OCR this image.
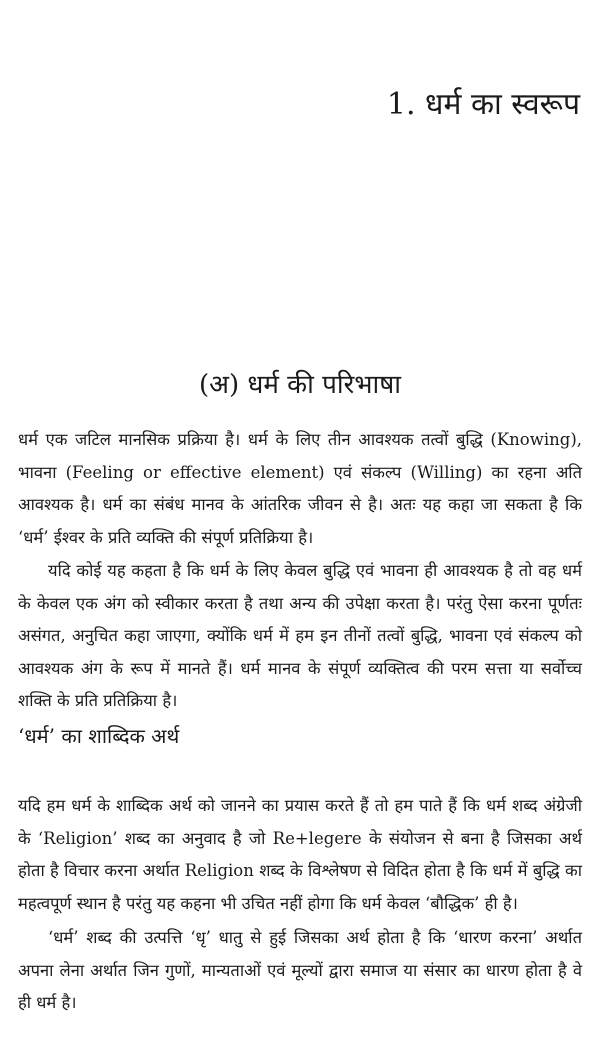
1. धर्म का स्वरूप
(अ) धर्म की परिभाषा

धर्म एक जटिल मानसिक प्रक्रिया है। धर्म के लिए तीन आवश्यक तत्वों बुद्धि (Knowing), भावना (Feeling or effective element) एवं संकल्प (Willing) का रहना अति आवश्यक है। धर्म का संबंध मानव के आंतरिक जीवन से है। अतः यह कहा जा सकता है कि ‘धर्म’ ईश्वर के प्रति व्यक्ति की संपूर्ण प्रतिक्रिया है।

यदि कोई यह कहता है कि धर्म के लिए केवल बुद्धि एवं भावना ही आवश्यक है तो वह धर्म के केवल एक अंग को स्वीकार करता है तथा अन्य की उपेक्षा करता है। परंतु ऐसा करना पूर्णतः असंगत, अनुचित कहा जाएगा, क्योंकि धर्म में हम इन तीनों तत्वों बुद्धि, भावना एवं संकल्प को आवश्यक अंग के रूप में मानते हैं। धर्म मानव के संपूर्ण व्यक्तित्व की परम सत्ता या सर्वोच्च शक्ति के प्रति प्रतिक्रिया है।

‘धर्म’ का शाब्दिक अर्थ

यदि हम धर्म के शाब्दिक अर्थ को जानने का प्रयास करते हैं तो हम पाते हैं कि धर्म शब्द अंग्रेजी के ‘Religion’ शब्द का अनुवाद है जो Re+legere के संयोजन से बना है जिसका अर्थ होता है विचार करना अर्थात Religion शब्द के विश्लेषण से विदित होता है कि धर्म में बुद्धि का महत्वपूर्ण स्थान है परंतु यह कहना भी उचित नहीं होगा कि धर्म केवल ‘बौद्धिक’ ही है।

‘धर्म’ शब्द की उत्पत्ति ‘धृ’ धातु से हुई जिसका अर्थ होता है कि ‘धारण करना’ अर्थात अपना लेना अर्थात जिन गुणों, मान्यताओं एवं मूल्यों द्वारा समाज या संसार का धारण होता है वे ही धर्म है।
